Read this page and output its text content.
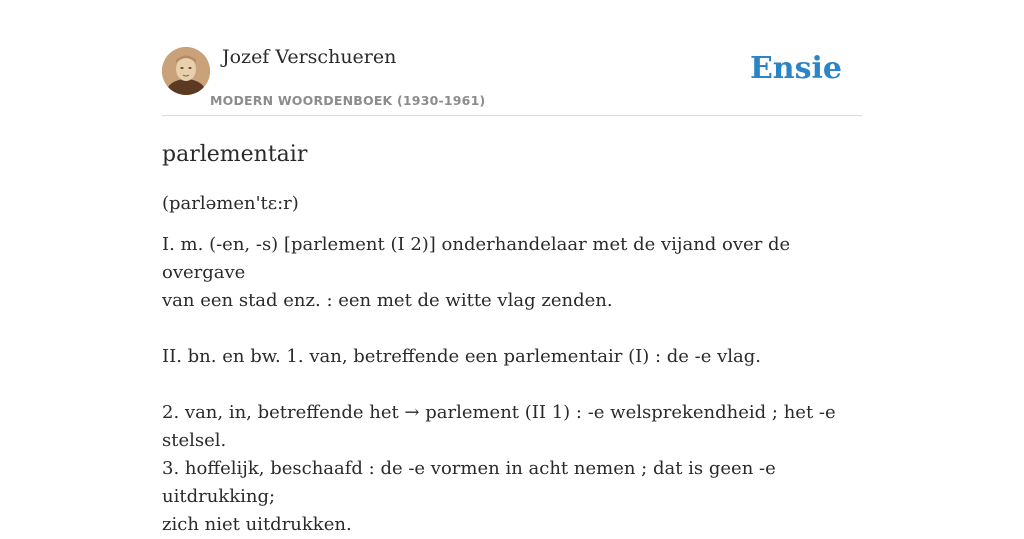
Jozef Verschueren
MODERN WOORDENBOEK (1930-1961)
Ensie
parlementair
(parləmen'tɛ:r)

I. m. (-en, -s) [parlement (I 2)] onderhandelaar met de vijand over de overgave
van een stad enz. : een met de witte vlag zenden.

II. bn. en bw. 1. van, betreffende een parlementair (I) : de -e vlag.

2. van, in, betreffende het → parlement (II 1) : -e welsprekendheid ; het -e stelsel.
3. hoffelijk, beschaafd : de -e vormen in acht nemen ; dat is geen -e uitdrukking;
zich niet uitdrukken.
